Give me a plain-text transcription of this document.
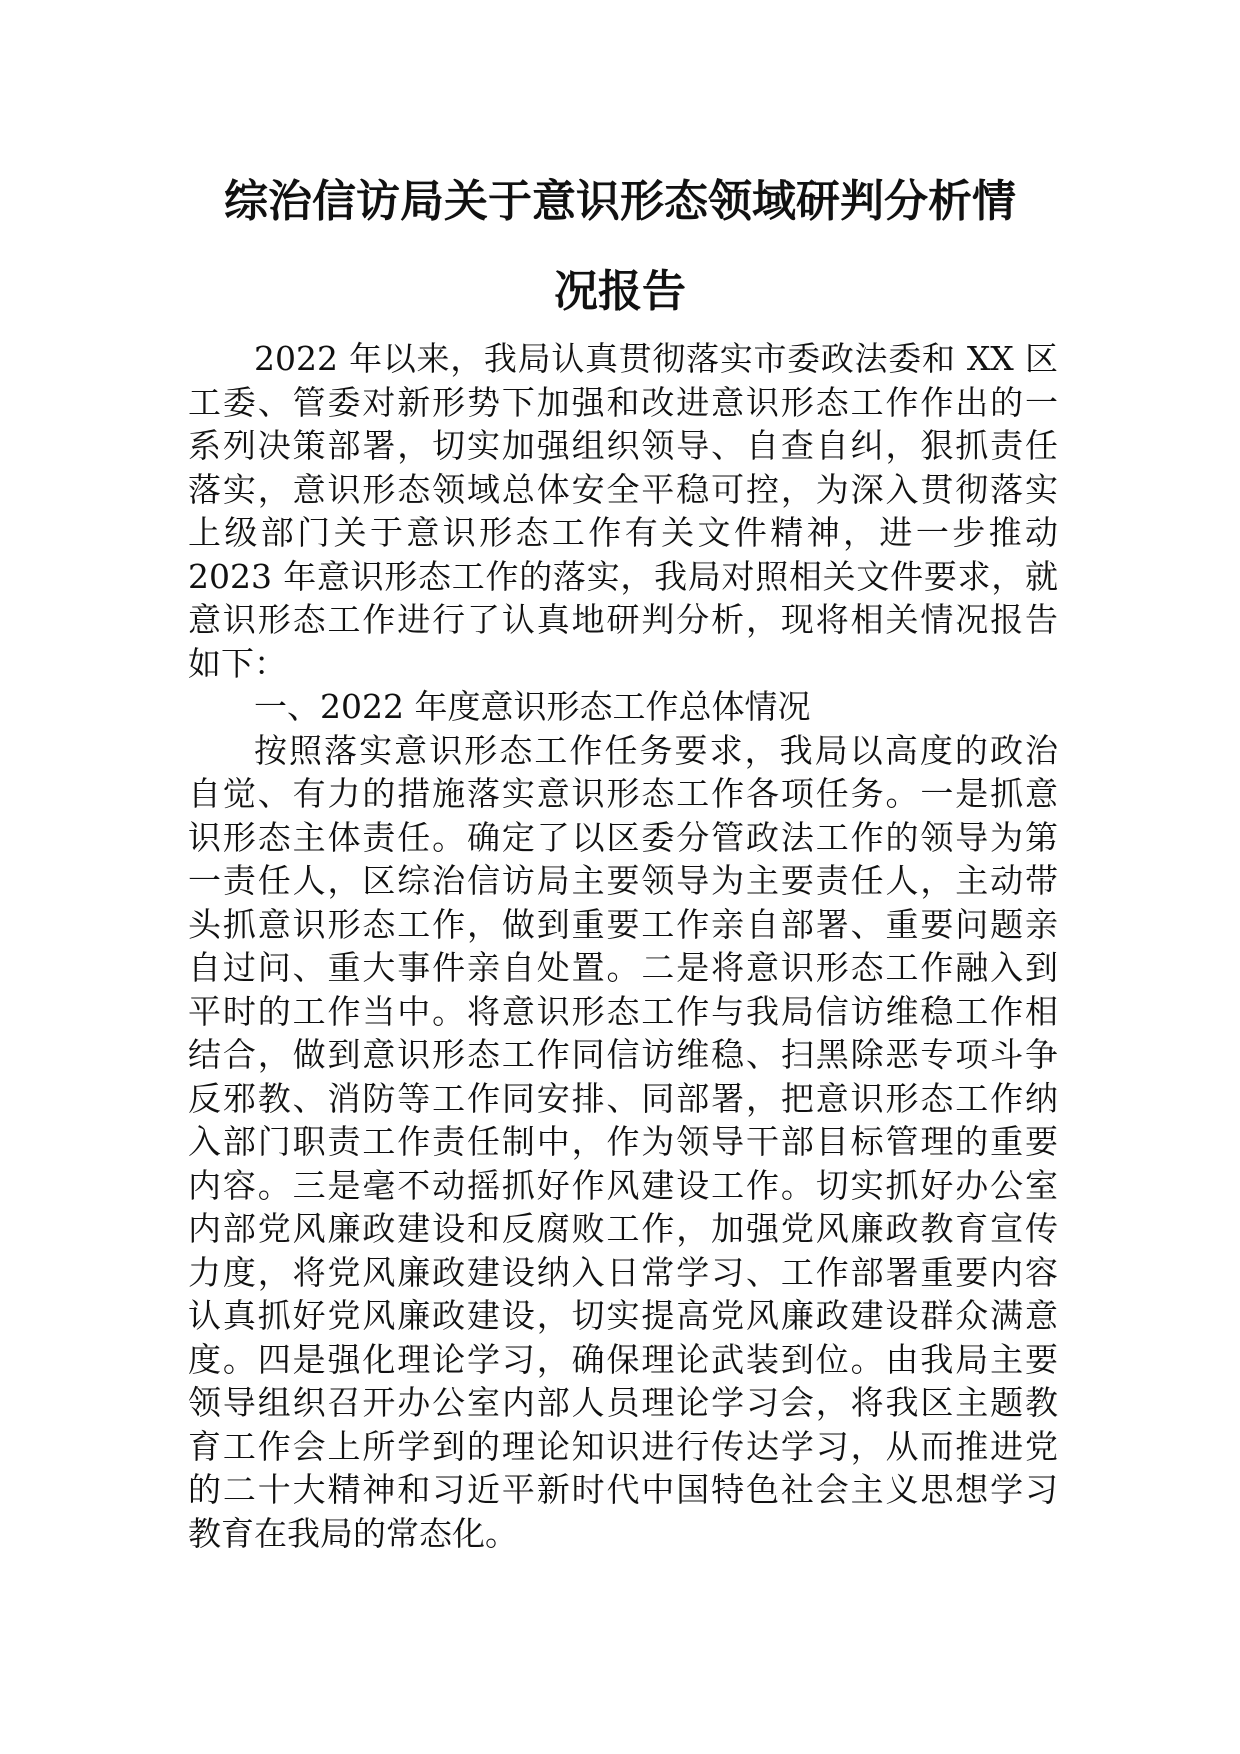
综治信访局关于意识形态领域研判分析情
况报告
2022 年以来，我局认真贯彻落实市委政法委和 XX 区
工委、管委对新形势下加强和改进意识形态工作作出的一
系列决策部署，切实加强组织领导、自查自纠，狠抓责任
落实，意识形态领域总体安全平稳可控，为深入贯彻落实
上级部门关于意识形态工作有关文件精神，进一步推动
2023 年意识形态工作的落实，我局对照相关文件要求，就
意识形态工作进行了认真地研判分析，现将相关情况报告
如下：
一、2022 年度意识形态工作总体情况
按照落实意识形态工作任务要求，我局以高度的政治
自觉、有力的措施落实意识形态工作各项任务。一是抓意
识形态主体责任。确定了以区委分管政法工作的领导为第
一责任人，区综治信访局主要领导为主要责任人，主动带
头抓意识形态工作，做到重要工作亲自部署、重要问题亲
自过问、重大事件亲自处置。二是将意识形态工作融入到
平时的工作当中。将意识形态工作与我局信访维稳工作相
结合，做到意识形态工作同信访维稳、扫黑除恶专项斗争
反邪教、消防等工作同安排、同部署，把意识形态工作纳
入部门职责工作责任制中，作为领导干部目标管理的重要
内容。三是毫不动摇抓好作风建设工作。切实抓好办公室
内部党风廉政建设和反腐败工作，加强党风廉政教育宣传
力度，将党风廉政建设纳入日常学习、工作部署重要内容
认真抓好党风廉政建设，切实提高党风廉政建设群众满意
度。四是强化理论学习，确保理论武装到位。由我局主要
领导组织召开办公室内部人员理论学习会，将我区主题教
育工作会上所学到的理论知识进行传达学习，从而推进党
的二十大精神和习近平新时代中国特色社会主义思想学习
教育在我局的常态化。
